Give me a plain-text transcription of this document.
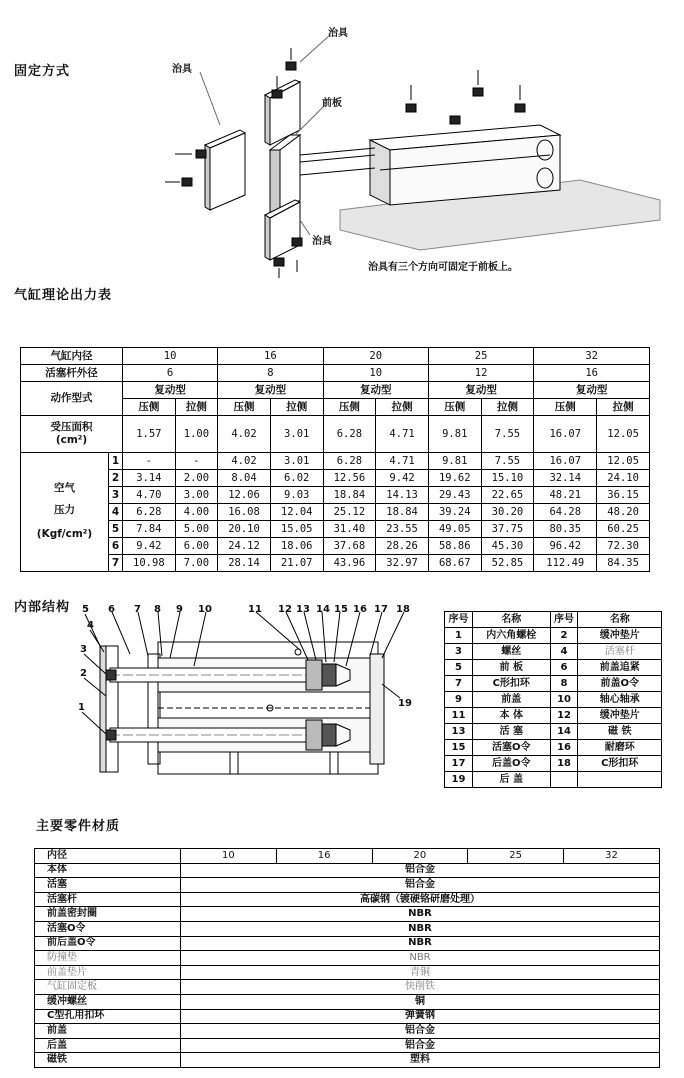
固定方式
气缸理论出力表
内部结构
主要零件材质
治具
治具
前板
治具
治具有三个方向可固定于前板上。
气缸内径		10		16		20		25		32	
活塞杆外径		6		8		10		12		16	
动作型式		复动型		复动型		复动型		复动型		复动型	
		压侧	拉侧	压侧	拉侧	压侧	拉侧	压侧	拉侧	压侧	拉侧
受压面积
(cm²)		1.57	1.00	4.02	3.01	6.28	4.71	9.81	7.55	16.07	12.05

空气
压力
(Kgf/cm²)	1	-	-	4.02	3.01	6.28	4.71	9.81	7.55	16.07	12.05
	2	3.14	2.00	8.04	6.02	12.56	9.42	19.62	15.10	32.14	24.10
	3	4.70	3.00	12.06	9.03	18.84	14.13	29.43	22.65	48.21	36.15
	4	6.28	4.00	16.08	12.04	25.12	18.84	39.24	30.20	64.28	48.20
	5	7.84	5.00	20.10	15.05	31.40	23.55	49.05	37.75	80.35	60.25
	6	9.42	6.00	24.12	18.06	37.68	28.26	58.86	45.30	96.42	72.30
	7	10.98	7.00	28.14	21.07	43.96	32.97	68.67	52.85	112.49	84.35
5
4
3
2
1
6 7 8 9 10	11 12 13 14 15 16 17 18
19
序号	名称	序号	名称
1	内六角螺栓	2	缓冲垫片
3	螺丝	4	活塞杆
5	前 板	6	前盖追紧
7	C形扣环	8	前盖O令
9	前盖	10	轴心轴承
11	本 体	12	缓冲垫片
13	活 塞	14	磁 铁
15	活塞O令	16	耐磨环
17	后盖O令	18	C形扣环
19	后 盖		
内径	10	16	20	25	32
本体	铝合金				
活塞	铝合金				
活塞杆	高碳钢（镀硬铬研磨处理）				
前盖密封圈	NBR				
活塞O令	NBR				
前后盖O令	NBR				
防撞垫	NBR				
前盖垫片	青铜				
气缸固定板	快削铁				
缓冲螺丝	铜				
C型孔用扣环	弹簧钢				
前盖	铝合金				
后盖	铝合金				
磁铁	塑料				
